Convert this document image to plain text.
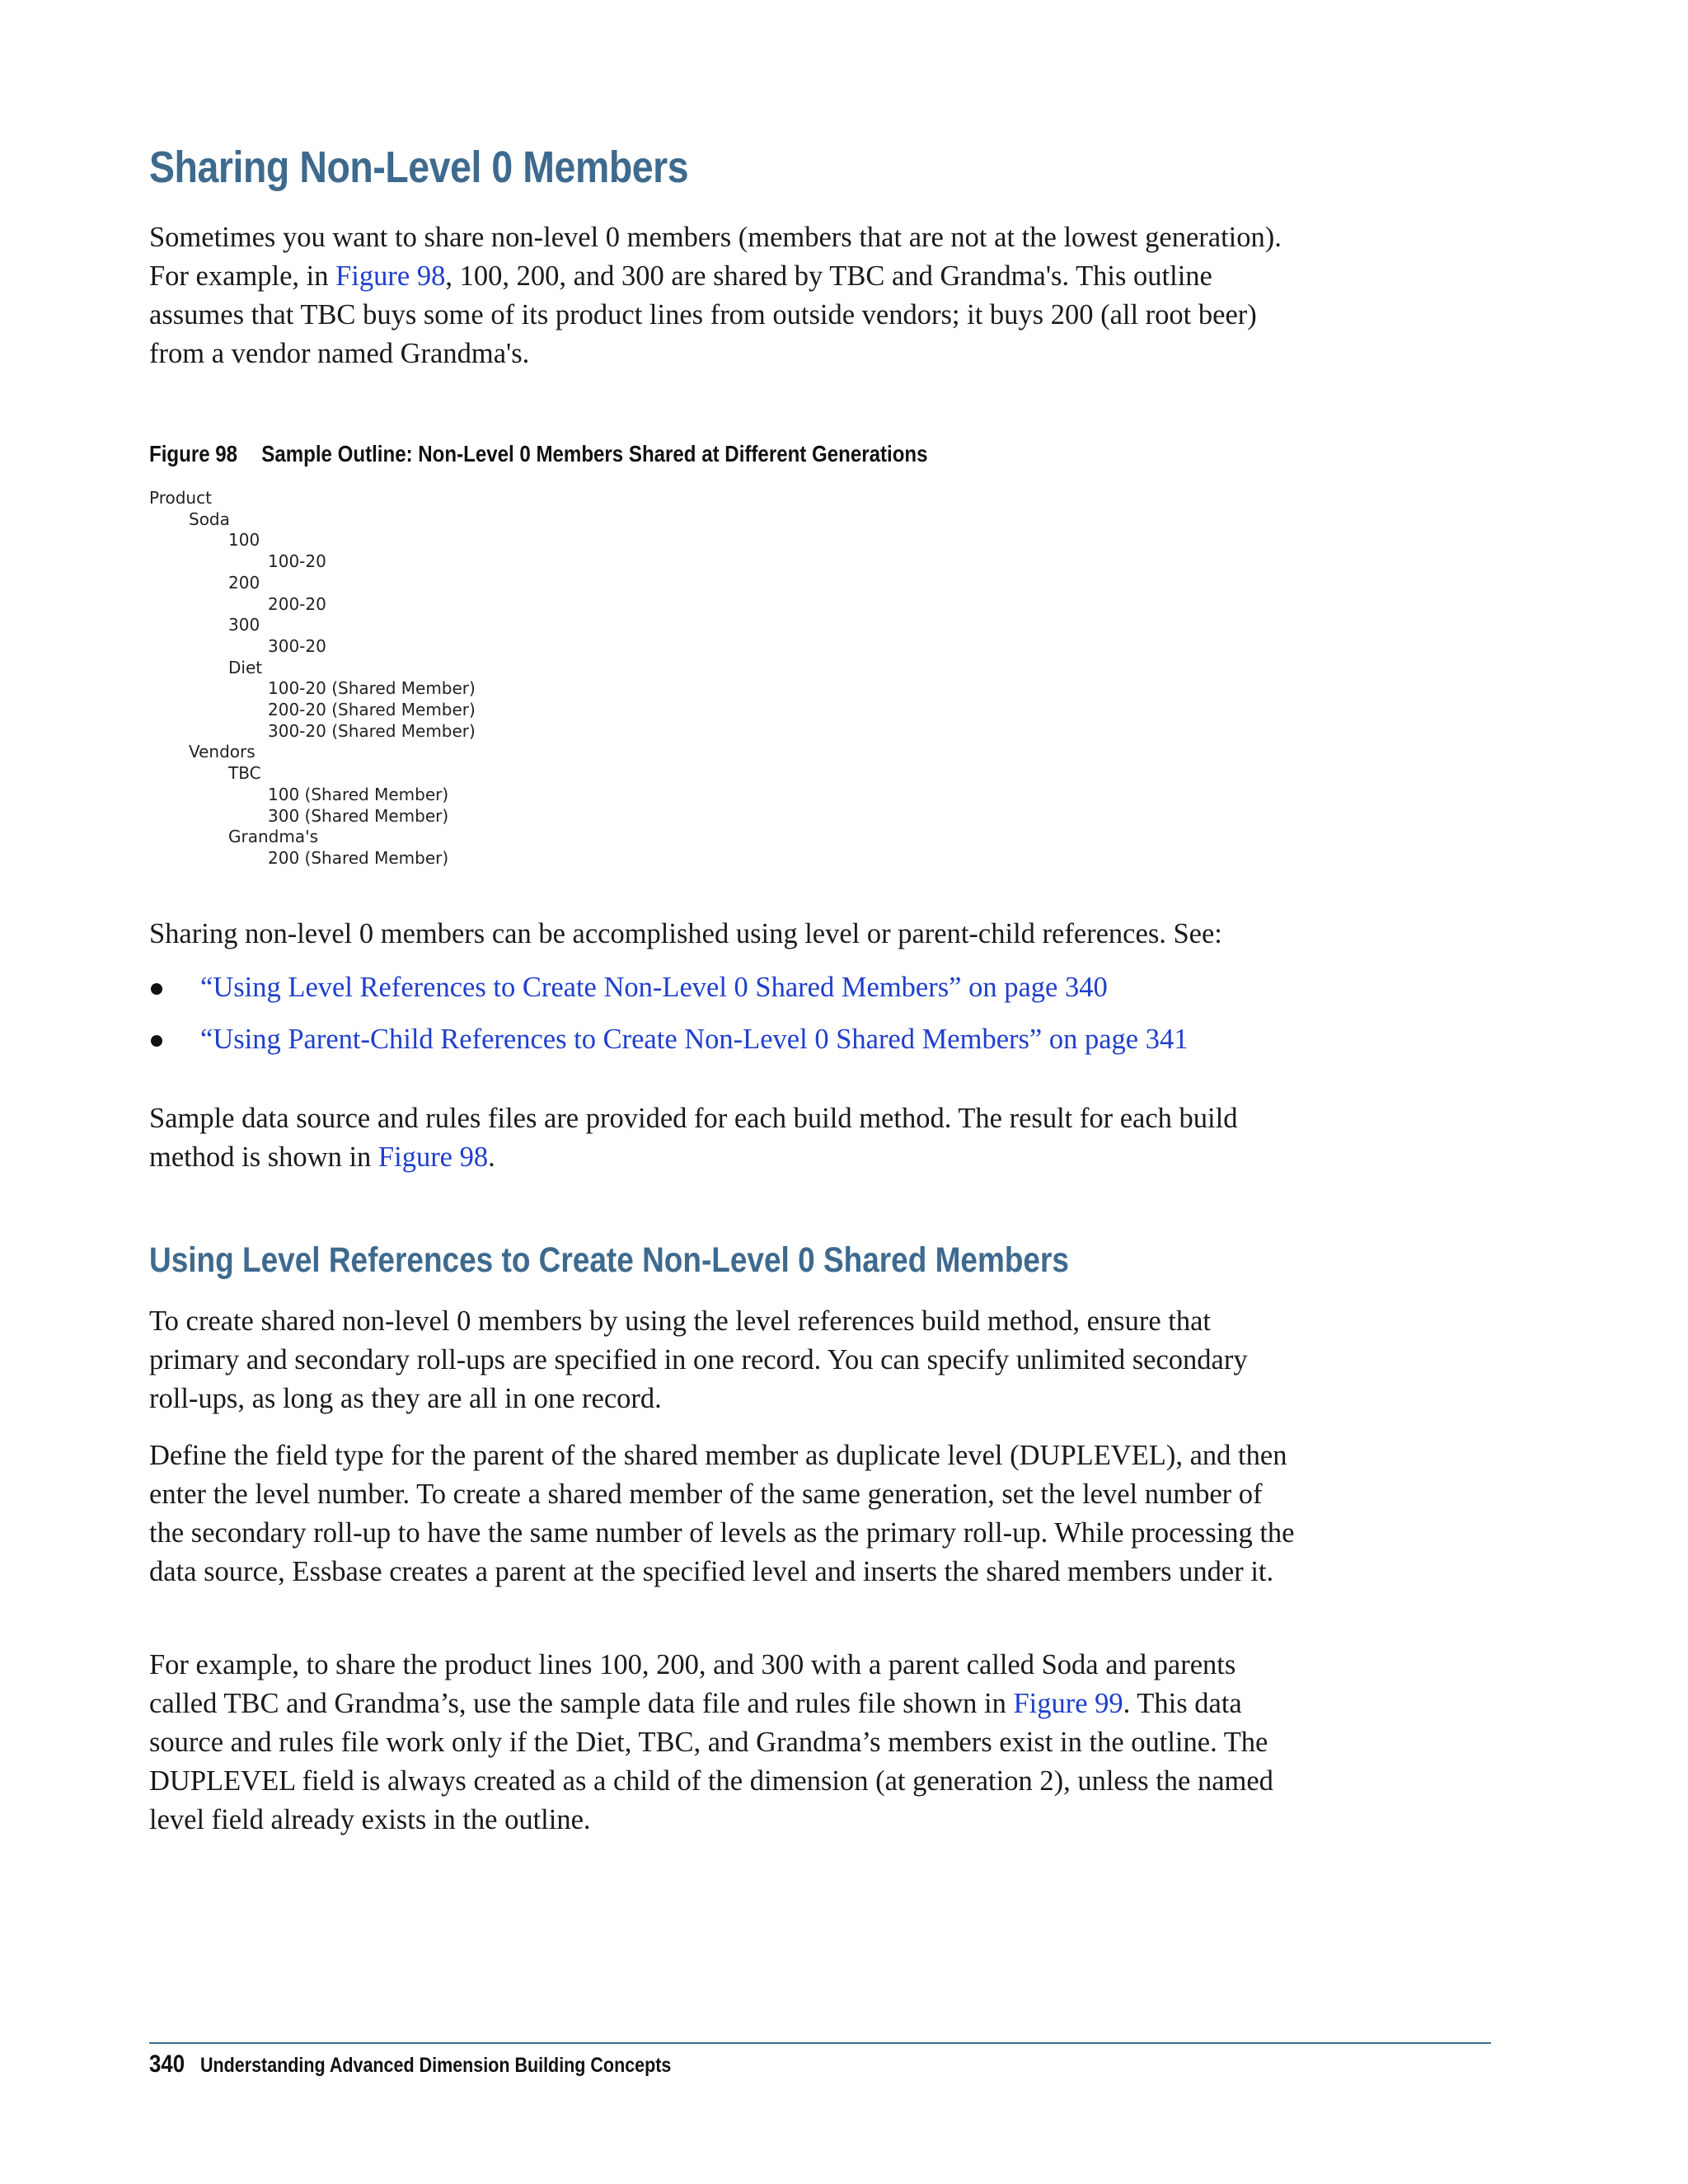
Sharing Non-Level 0 Members

Sometimes you want to share non-level 0 members (members that are not at the lowest generation). For example, in Figure 98, 100, 200, and 300 are shared by TBC and Grandma's. This outline assumes that TBC buys some of its product lines from outside vendors; it buys 200 (all root beer) from a vendor named Grandma's.

Figure 98 Sample Outline: Non-Level 0 Members Shared at Different Generations
Product
Soda
100
100-20
200
200-20
300
300-20
Diet
100-20 (Shared Member)
200-20 (Shared Member)
300-20 (Shared Member)
Vendors
TBC
100 (Shared Member)
300 (Shared Member)
Grandma's
200 (Shared Member)

Sharing non-level 0 members can be accomplished using level or parent-child references. See:

“Using Level References to Create Non-Level 0 Shared Members” on page 340
“Using Parent-Child References to Create Non-Level 0 Shared Members” on page 341

Sample data source and rules files are provided for each build method. The result for each build method is shown in Figure 98.

Using Level References to Create Non-Level 0 Shared Members

To create shared non-level 0 members by using the level references build method, ensure that primary and secondary roll-ups are specified in one record. You can specify unlimited secondary roll-ups, as long as they are all in one record.

Define the field type for the parent of the shared member as duplicate level (DUPLEVEL), and then enter the level number. To create a shared member of the same generation, set the level number of the secondary roll-up to have the same number of levels as the primary roll-up. While processing the data source, Essbase creates a parent at the specified level and inserts the shared members under it.

For example, to share the product lines 100, 200, and 300 with a parent called Soda and parents called TBC and Grandma’s, use the sample data file and rules file shown in Figure 99. This data source and rules file work only if the Diet, TBC, and Grandma’s members exist in the outline. The DUPLEVEL field is always created as a child of the dimension (at generation 2), unless the named level field already exists in the outline.

340 Understanding Advanced Dimension Building Concepts
